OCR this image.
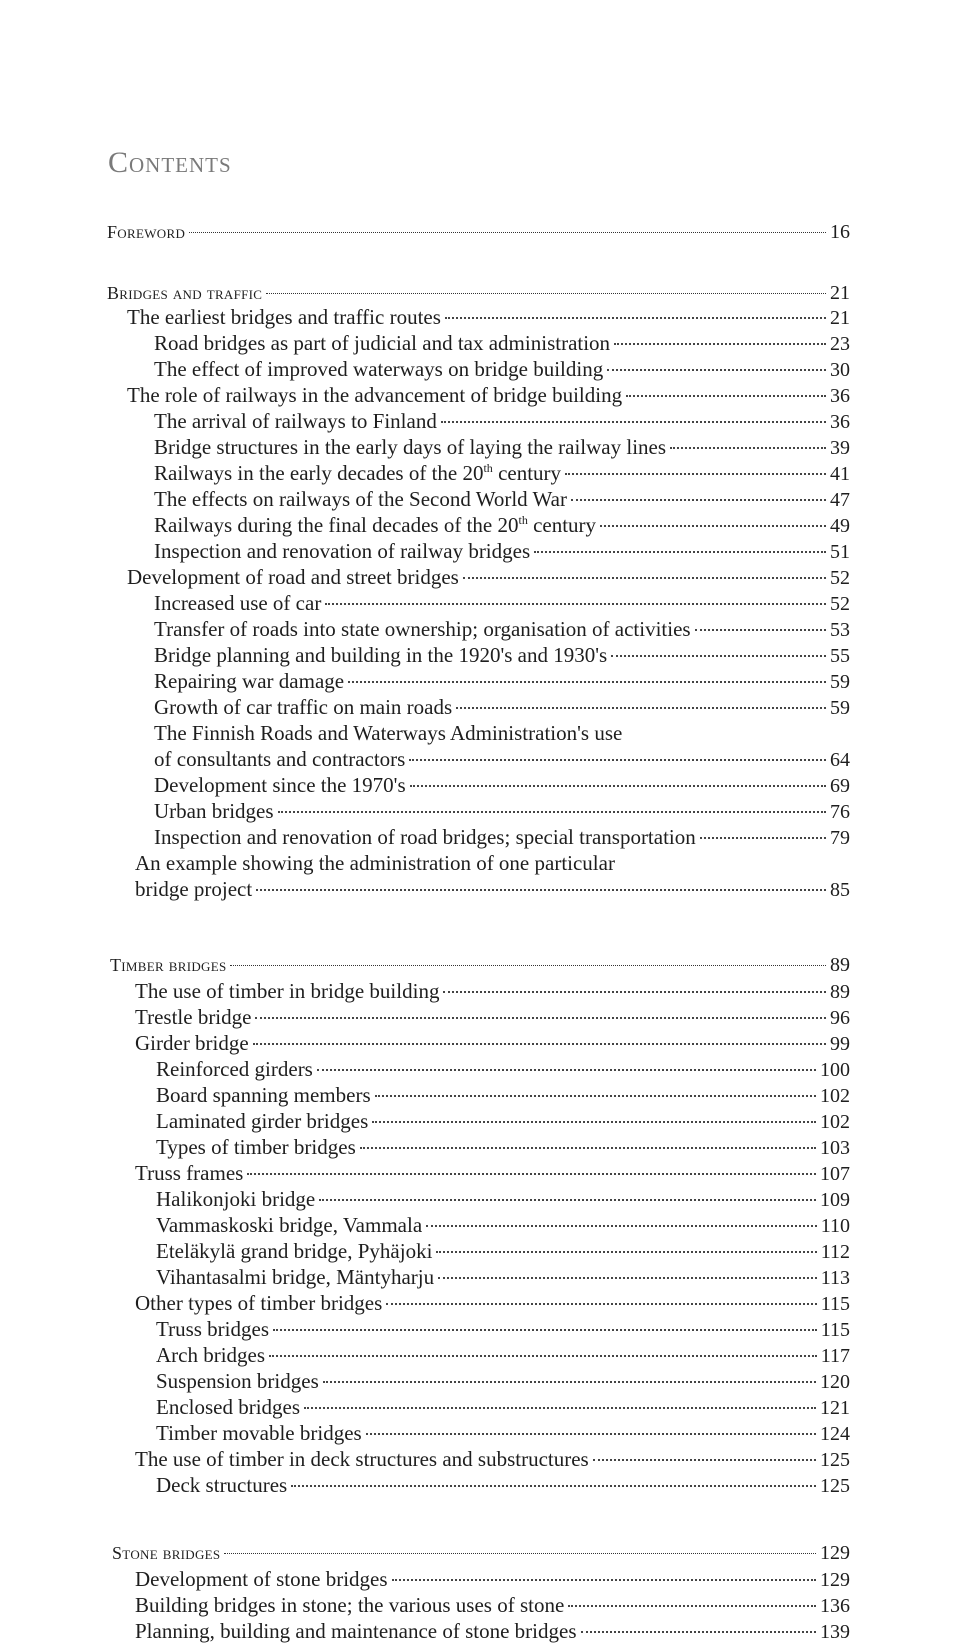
Contents
Foreword	16
Bridges and traffic	21
The earliest bridges and traffic routes	21
Road bridges as part of judicial and tax administration	23
The effect of improved waterways on bridge building	30
The role of railways in the advancement of bridge building	36
The arrival of railways to Finland	36
Bridge structures in the early days of laying the railway lines	39
Railways in the early decades of the 20th century	41
The effects on railways of the Second World War	47
Railways during the final decades of the 20th century	49
Inspection and renovation of railway bridges	51
Development of road and street bridges	52
Increased use of car	52
Transfer of roads into state ownership; organisation of activities	53
Bridge planning and building in the 1920's and 1930's	55
Repairing war damage	59
Growth of car traffic on main roads	59
The Finnish Roads and Waterways Administration's use
of consultants and contractors	64
Development since the 1970's	69
Urban bridges	76
Inspection and renovation of road bridges; special transportation	79
An example showing the administration of one particular
bridge project	85
Timber bridges	89
The use of timber in bridge building	89
Trestle bridge	96
Girder bridge	99
Reinforced girders	100
Board spanning members	102
Laminated girder bridges	102
Types of timber bridges	103
Truss frames	107
Halikonjoki bridge	109
Vammaskoski bridge, Vammala	110
Eteläkylä grand bridge, Pyhäjoki	112
Vihantasalmi bridge, Mäntyharju	113
Other types of timber bridges	115
Truss bridges	115
Arch bridges	117
Suspension bridges	120
Enclosed bridges	121
Timber movable bridges	124
The use of timber in deck structures and substructures	125
Deck structures	125
Stone bridges	129
Development of stone bridges	129
Building bridges in stone; the various uses of stone	136
Planning, building and maintenance of stone bridges	139
